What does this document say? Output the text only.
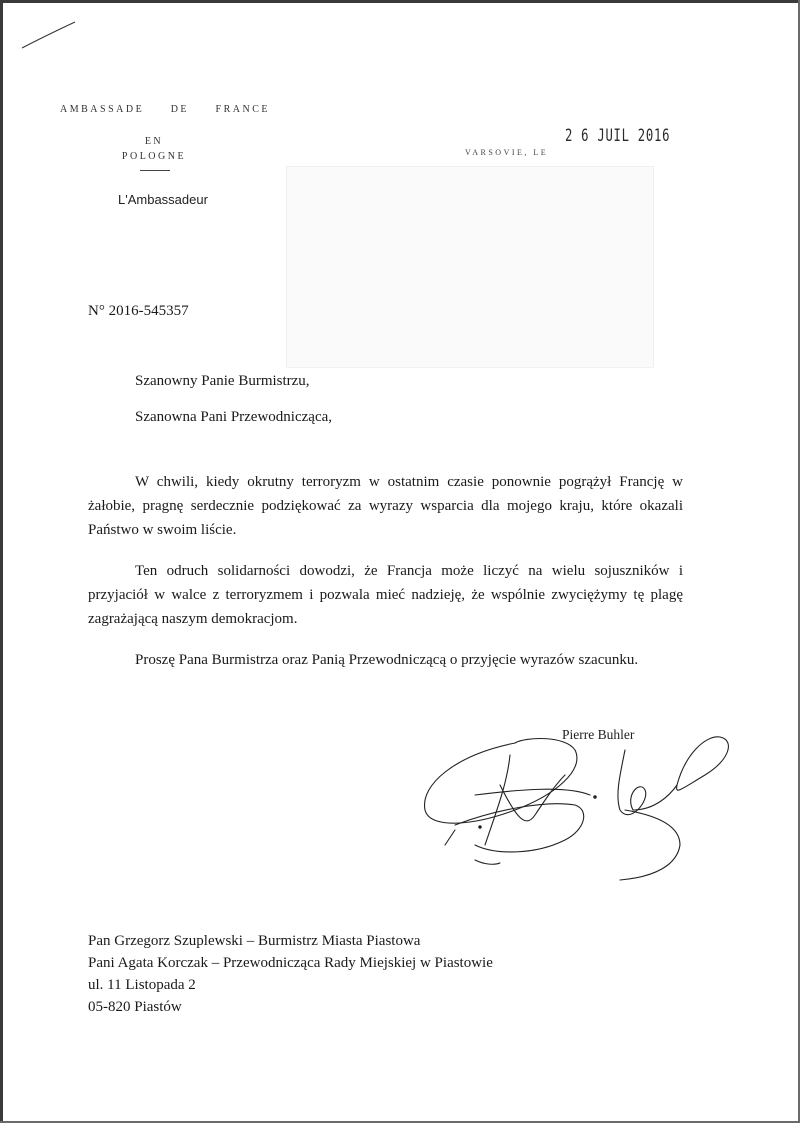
AMBASSADE	DE	FRANCE
EN
POLOGNE
L'Ambassadeur
VARSOVIE, LE
2 6 JUIL 2016
N° 2016-545357
Szanowny Panie Burmistrzu,
Szanowna Pani Przewodnicząca,

W chwili, kiedy okrutny terroryzm w ostatnim czasie ponownie pogrążył Francję w żałobie, pragnę serdecznie podziękować za wyrazy wsparcia dla mojego kraju, które okazali Państwo w swoim liście.

Ten odruch solidarności dowodzi, że Francja może liczyć na wielu sojuszników i przyjaciół w walce z terroryzmem i pozwala mieć nadzieję, że wspólnie zwyciężymy tę plagę zagrażającą naszym demokracjom.

Proszę Pana Burmistrza oraz Panią Przewodniczącą o przyjęcie wyrazów szacunku.

Pierre Buhler
Pan Grzegorz Szuplewski – Burmistrz Miasta Piastowa
Pani Agata Korczak – Przewodnicząca Rady Miejskiej w Piastowie
ul. 11 Listopada 2
05-820 Piastów
